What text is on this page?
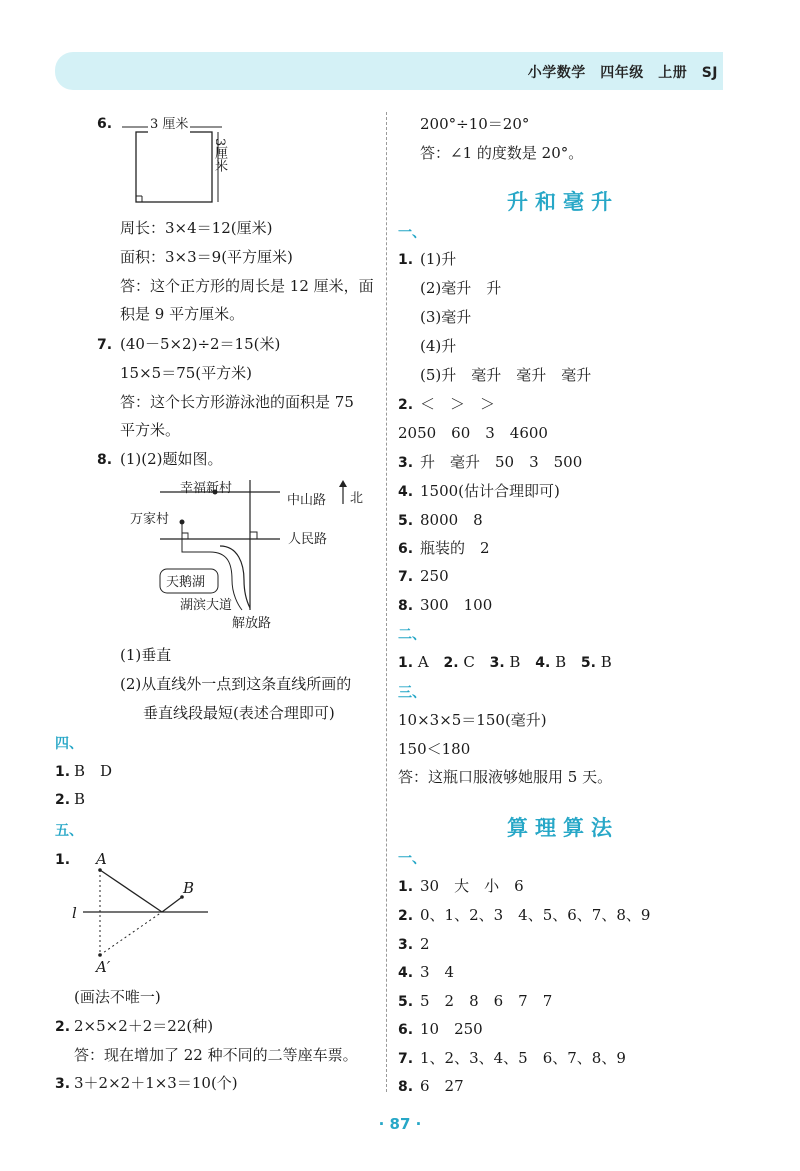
小学数学　四年级　上册　SJ
6.	3 厘米
3厘米
周长：3×4＝12(厘米)
面积：3×3＝9(平方厘米)
答：这个正方形的周长是 12 厘米，面
积是 9 平方厘米。
7. (40－5×2)÷2＝15(米)
15×5＝75(平方米)
答：这个长方形游泳池的面积是 75
平方米。
8. (1)(2)题如图。
幸福新村
中山路 北
万家村
人民路
天鹅湖
湖滨大道
解放路
(1)垂直
(2)从直线外一点到这条直线所画的
垂直线段最短(表述合理即可)
四、
1. B　D
2. B
五、
1. A
B
l
A′
(画法不唯一)
2. 2×5×2＋2＝22(种)
答：现在增加了 22 种不同的二等座车票。
3. 3＋2×2＋1×3＝10(个)
200°÷10＝20°
答：∠1 的度数是 20°。
升和毫升
一、
1. (1)升
(2)毫升　升
(3)毫升
(4)升
(5)升　毫升　毫升　毫升
2. ＜　＞　＞
2050　60　3　4600
3. 升　毫升　50　3　500
4. 1500(估计合理即可)
5. 8000　8
6. 瓶装的　2
7. 250
8. 300　100
二、
1. A 2. C 3. B 4. B 5. B
三、
10×3×5＝150(毫升)
150＜180
答：这瓶口服液够她服用 5 天。
算理算法
一、
1. 30　大　小　6
2. 0、1、2、3　4、5、6、7、8、9
3. 2
4. 3　4
5. 5　2　8　6　7　7
6. 10　250
7. 1、2、3、4、5　6、7、8、9
8. 6　27
· 87 ·
